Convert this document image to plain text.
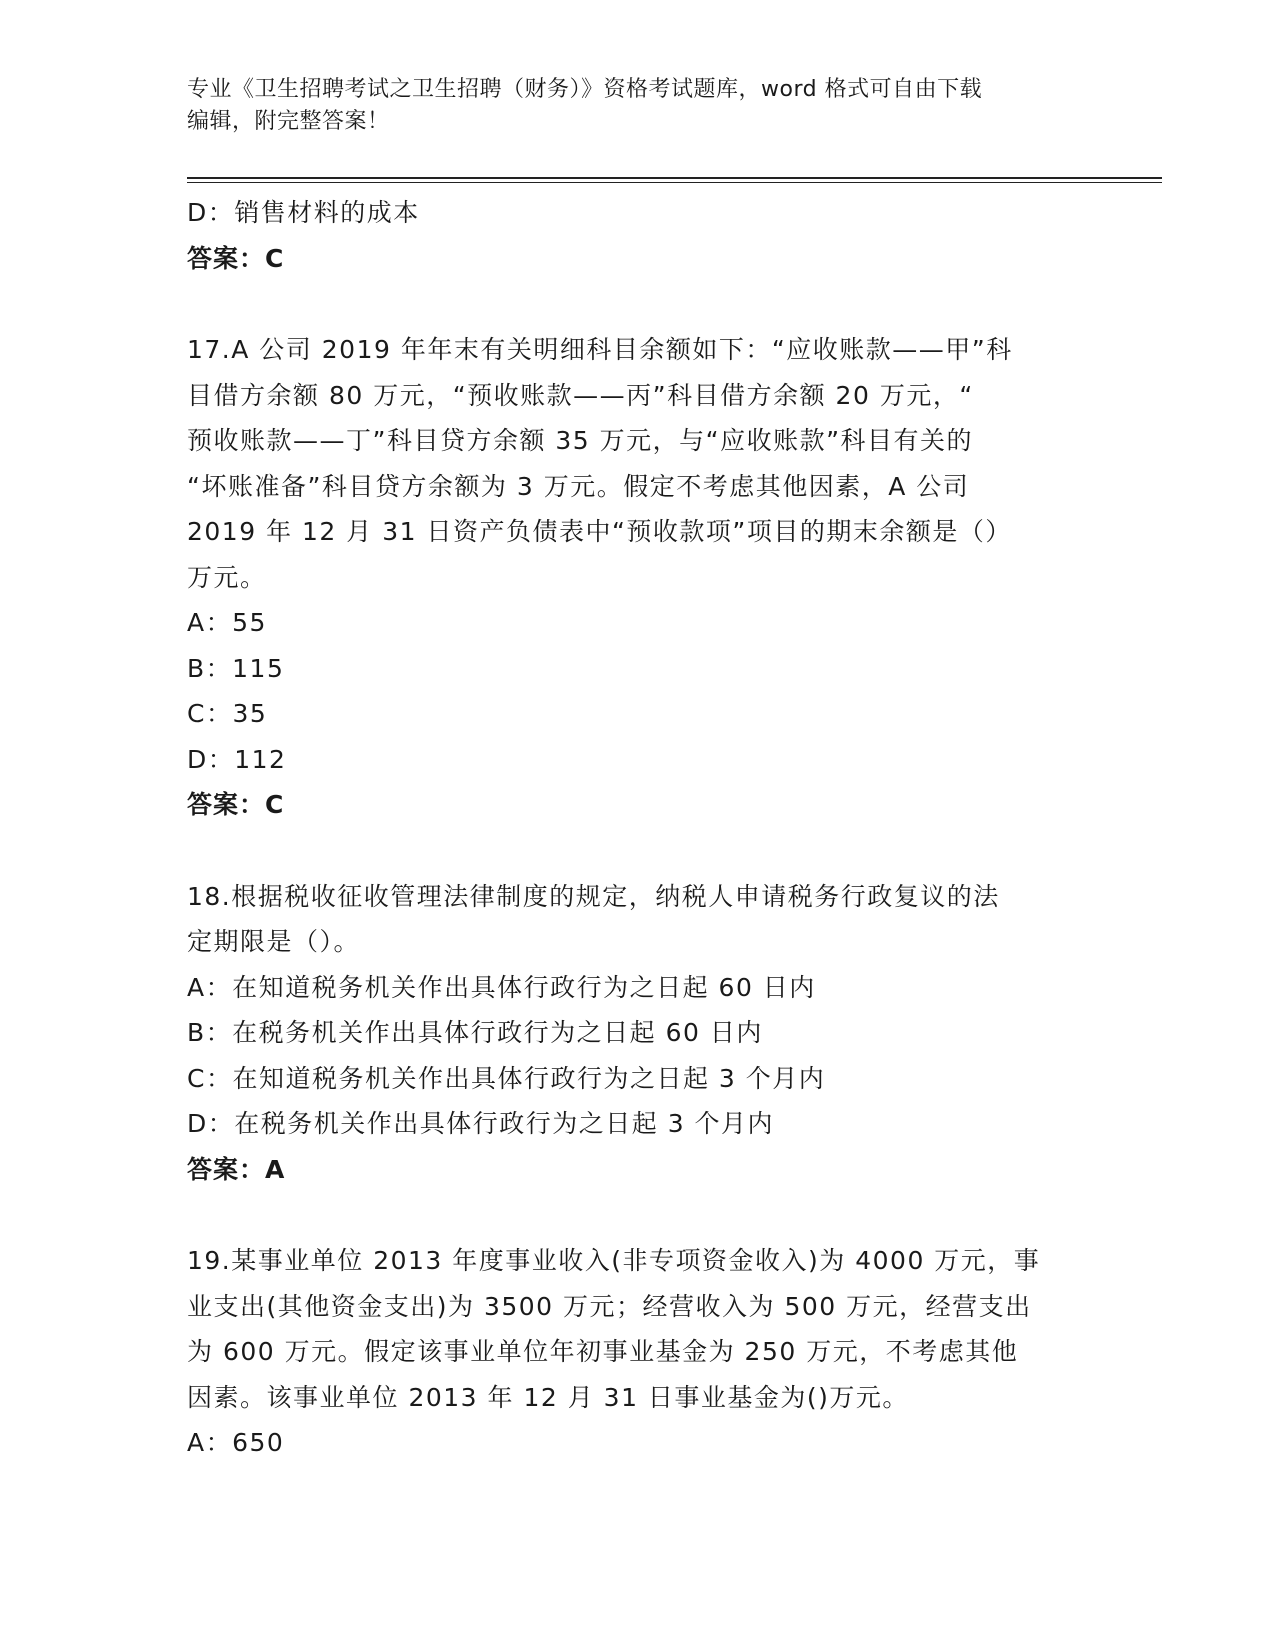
专业《卫生招聘考试之卫生招聘（财务）》资格考试题库，word 格式可自由下载
编辑，附完整答案！
D：销售材料的成本
答案：C
17.A 公司 2019 年年末有关明细科目余额如下：“应收账款——甲”科
目借方余额 80 万元，“预收账款——丙”科目借方余额 20 万元，“
预收账款——丁”科目贷方余额 35 万元，与“应收账款”科目有关的
“坏账准备”科目贷方余额为 3 万元。假定不考虑其他因素，A 公司
2019 年 12 月 31 日资产负债表中“预收款项”项目的期末余额是（）
万元。
A：55
B：115
C：35
D：112
答案：C
18.根据税收征收管理法律制度的规定，纳税人申请税务行政复议的法
定期限是（）。
A：在知道税务机关作出具体行政行为之日起 60 日内
B：在税务机关作出具体行政行为之日起 60 日内
C：在知道税务机关作出具体行政行为之日起 3 个月内
D：在税务机关作出具体行政行为之日起 3 个月内
答案：A
19.某事业单位 2013 年度事业收入(非专项资金收入)为 4000 万元，事
业支出(其他资金支出)为 3500 万元；经营收入为 500 万元，经营支出
为 600 万元。假定该事业单位年初事业基金为 250 万元，不考虑其他
因素。该事业单位 2013 年 12 月 31 日事业基金为()万元。
A：650
